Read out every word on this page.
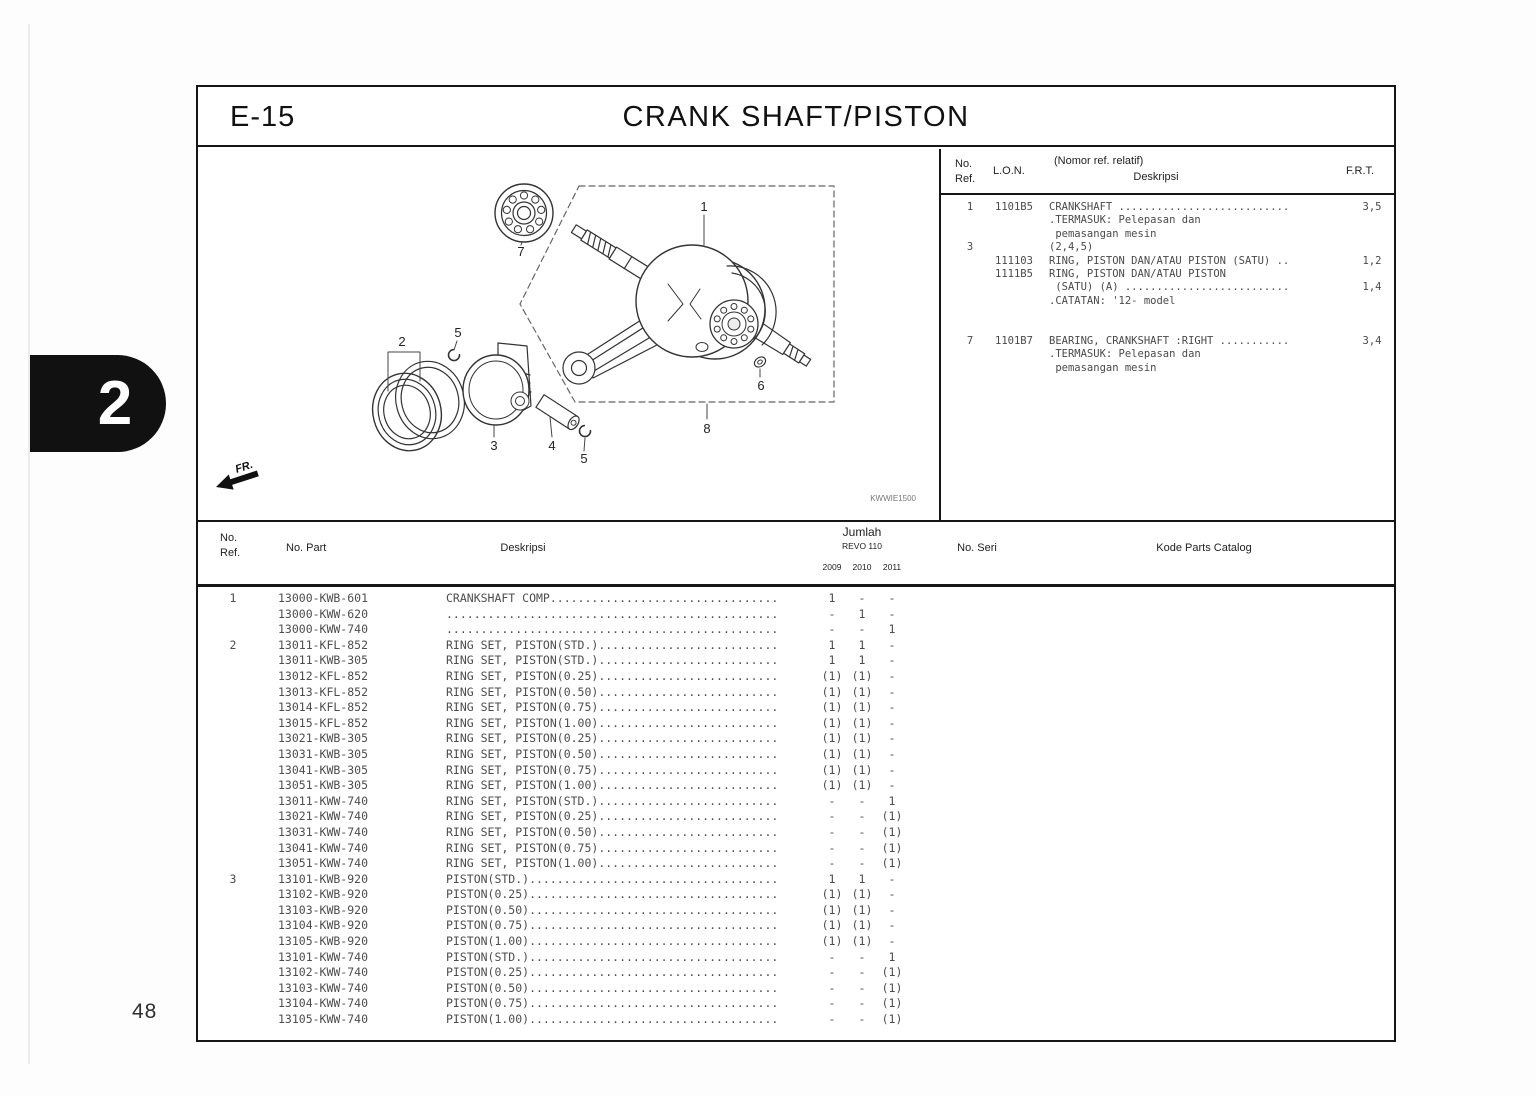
2
48
E-15	CRANK SHAFT/PISTON
1
2
3	4
5
5
6
7
8
FR.
KWWIE1500
No.
Ref.
L.O.N.
(Nomor ref. relatif)
Deskripsi	F.R.T.
1	1101B5	CRANKSHAFT ...........................	3,5
.TERMASUK: Pelepasan dan
pemasangan mesin
3	(2,4,5)
111103	RING, PISTON DAN/ATAU PISTON (SATU) ..	1,2
1111B5	RING, PISTON DAN/ATAU PISTON
(SATU) (A) ..........................	1,4
.CATATAN: '12- model
7	1101B7	BEARING, CRANKSHAFT :RIGHT ...........	3,4
.TERMASUK: Pelepasan dan
pemasangan mesin
No.
Ref.	No. Part	Deskripsi
Jumlah
REVO 110
2009	2010	2011
No. Seri	Kode Parts Catalog
1	13000-KWB-601	CRANKSHAFT COMP.................................	1	-	-
13000-KWW-620	................................................	-	1	-
13000-KWW-740	................................................	-	-	1
2	13011-KFL-852	RING SET, PISTON(STD.)..........................	1	1	-
13011-KWB-305	RING SET, PISTON(STD.)..........................	1	1	-
13012-KFL-852	RING SET, PISTON(0.25)..........................	(1) (1)	-
13013-KFL-852	RING SET, PISTON(0.50)..........................	(1) (1)	-
13014-KFL-852	RING SET, PISTON(0.75)..........................	(1) (1)	-
13015-KFL-852	RING SET, PISTON(1.00)..........................	(1) (1)	-
13021-KWB-305	RING SET, PISTON(0.25)..........................	(1) (1)	-
13031-KWB-305	RING SET, PISTON(0.50)..........................	(1) (1)	-
13041-KWB-305	RING SET, PISTON(0.75)..........................	(1) (1)	-
13051-KWB-305	RING SET, PISTON(1.00)..........................	(1) (1)	-
13011-KWW-740	RING SET, PISTON(STD.)..........................	-	-	1
13021-KWW-740	RING SET, PISTON(0.25)..........................	-	-	(1)
13031-KWW-740	RING SET, PISTON(0.50)..........................	-	-	(1)
13041-KWW-740	RING SET, PISTON(0.75)..........................	-	-	(1)
13051-KWW-740	RING SET, PISTON(1.00)..........................	-	-	(1)
3	13101-KWB-920	PISTON(STD.)....................................	1	1	-
13102-KWB-920	PISTON(0.25)....................................	(1) (1)	-
13103-KWB-920	PISTON(0.50)....................................	(1) (1)	-
13104-KWB-920	PISTON(0.75)....................................	(1) (1)	-
13105-KWB-920	PISTON(1.00)....................................	(1) (1)	-
13101-KWW-740	PISTON(STD.)....................................	-	-	1
13102-KWW-740	PISTON(0.25)....................................	-	-	(1)
13103-KWW-740	PISTON(0.50)....................................	-	-	(1)
13104-KWW-740	PISTON(0.75)....................................	-	-	(1)
13105-KWW-740	PISTON(1.00)....................................	-	-	(1)
